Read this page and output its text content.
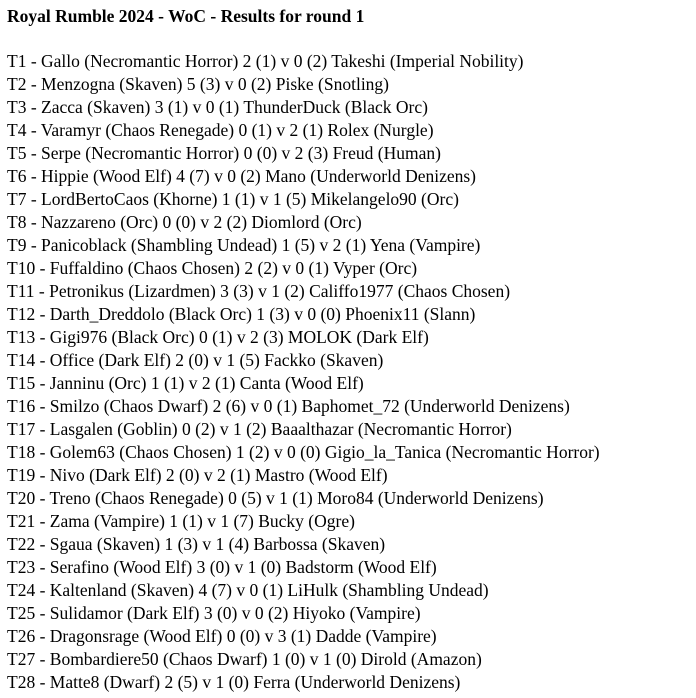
Royal Rumble 2024 - WoC - Results for round 1
T1 - Gallo (Necromantic Horror) 2 (1) v 0 (2) Takeshi (Imperial Nobility)
T2 - Menzogna (Skaven) 5 (3) v 0 (2) Piske (Snotling)
T3 - Zacca (Skaven) 3 (1) v 0 (1) ThunderDuck (Black Orc)
T4 - Varamyr (Chaos Renegade) 0 (1) v 2 (1) Rolex (Nurgle)
T5 - Serpe (Necromantic Horror) 0 (0) v 2 (3) Freud (Human)
T6 - Hippie (Wood Elf) 4 (7) v 0 (2) Mano (Underworld Denizens)
T7 - LordBertoCaos (Khorne) 1 (1) v 1 (5) Mikelangelo90 (Orc)
T8 - Nazzareno (Orc) 0 (0) v 2 (2) Diomlord (Orc)
T9 - Panicoblack (Shambling Undead) 1 (5) v 2 (1) Yena (Vampire)
T10 - Fuffaldino (Chaos Chosen) 2 (2) v 0 (1) Vyper (Orc)
T11 - Petronikus (Lizardmen) 3 (3) v 1 (2) Califfo1977 (Chaos Chosen)
T12 - Darth_Dreddolo (Black Orc) 1 (3) v 0 (0) Phoenix11 (Slann)
T13 - Gigi976 (Black Orc) 0 (1) v 2 (3) MOLOK (Dark Elf)
T14 - Office (Dark Elf) 2 (0) v 1 (5) Fackko (Skaven)
T15 - Janninu (Orc) 1 (1) v 2 (1) Canta (Wood Elf)
T16 - Smilzo (Chaos Dwarf) 2 (6) v 0 (1) Baphomet_72 (Underworld Denizens)
T17 - Lasgalen (Goblin) 0 (2) v 1 (2) Baaalthazar (Necromantic Horror)
T18 - Golem63 (Chaos Chosen) 1 (2) v 0 (0) Gigio_la_Tanica (Necromantic Horror)
T19 - Nivo (Dark Elf) 2 (0) v 2 (1) Mastro (Wood Elf)
T20 - Treno (Chaos Renegade) 0 (5) v 1 (1) Moro84 (Underworld Denizens)
T21 - Zama (Vampire) 1 (1) v 1 (7) Bucky (Ogre)
T22 - Sgaua (Skaven) 1 (3) v 1 (4) Barbossa (Skaven)
T23 - Serafino (Wood Elf) 3 (0) v 1 (0) Badstorm (Wood Elf)
T24 - Kaltenland (Skaven) 4 (7) v 0 (1) LiHulk (Shambling Undead)
T25 - Sulidamor (Dark Elf) 3 (0) v 0 (2) Hiyoko (Vampire)
T26 - Dragonsrage (Wood Elf) 0 (0) v 3 (1) Dadde (Vampire)
T27 - Bombardiere50 (Chaos Dwarf) 1 (0) v 1 (0) Dirold (Amazon)
T28 - Matte8 (Dwarf) 2 (5) v 1 (0) Ferra (Underworld Denizens)
